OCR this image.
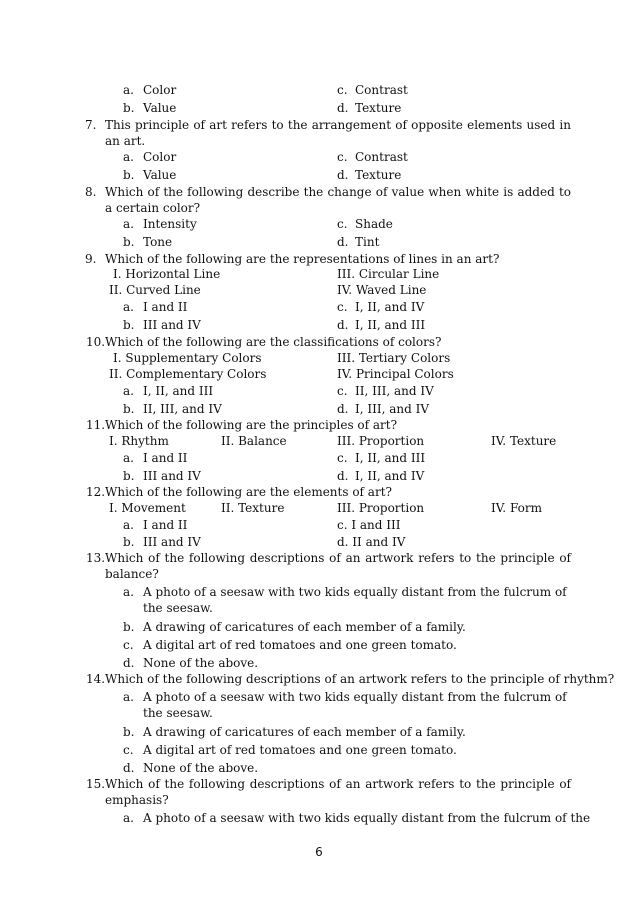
a. Color	c. Contrast
b. Value	d. Texture
7. This principle of art refers to the arrangement of opposite elements used in an art.
a. Color	c. Contrast
b. Value	d. Texture
8. Which of the following describe the change of value when white is added to a certain color?
a. Intensity	c. Shade
b. Tone	d. Tint
9. Which of the following are the representations of lines in an art?
I. Horizontal Line	III. Circular Line
II. Curved Line	IV. Waved Line
a. I and II	c. I, II, and IV
b. III and IV	d. I, II, and III
10. Which of the following are the classifications of colors?
I. Supplementary Colors	III. Tertiary Colors
II. Complementary Colors	IV. Principal Colors
a. I, II, and III	c. II, III, and IV
b. II, III, and IV	d. I, III, and IV
11. Which of the following are the principles of art?
I. Rhythm	II. Balance	III. Proportion	IV. Texture
a. I and II	c. I, II, and III
b. III and IV	d. I, II, and IV
12. Which of the following are the elements of art?
I. Movement	II. Texture	III. Proportion	IV. Form
a. I and II	c. I and III
b. III and IV	d. II and IV
13. Which of the following descriptions of an artwork refers to the principle of balance?
a. A photo of a seesaw with two kids equally distant from the fulcrum of the seesaw.
b. A drawing of caricatures of each member of a family.
c. A digital art of red tomatoes and one green tomato.
d. None of the above.
14. Which of the following descriptions of an artwork refers to the principle of rhythm?
a. A photo of a seesaw with two kids equally distant from the fulcrum of the seesaw.
b. A drawing of caricatures of each member of a family.
c. A digital art of red tomatoes and one green tomato.
d. None of the above.
15. Which of the following descriptions of an artwork refers to the principle of emphasis?
a. A photo of a seesaw with two kids equally distant from the fulcrum of the
6
